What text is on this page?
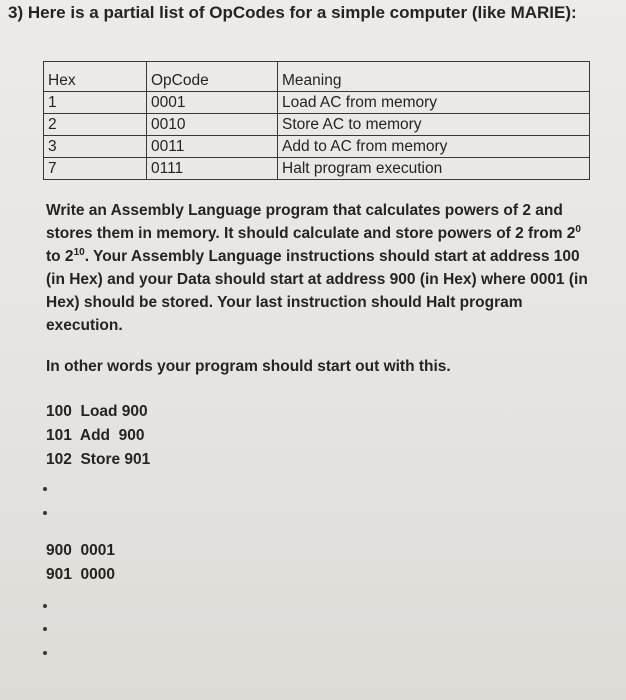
3) Here is a partial list of OpCodes for a simple computer (like MARIE):
Hex	OpCode	Meaning
1	0001	Load AC from memory
2	0010	Store AC to memory
3	0011	Add to AC from memory
7	0111	Halt program execution
Write an Assembly Language program that calculates powers of 2 and stores them in memory. It should calculate and store powers of 2 from $2^0$ to $2^{10}$. Your Assembly Language instructions should start at address 100 (in Hex) and your Data should start at address 900 (in Hex) where 0001 (in Hex) should be stored. Your last instruction should Halt program execution.
In other words your program should start out with this.
100  Load 900
101  Add  900
102  Store 901
900  0001
901  0000
